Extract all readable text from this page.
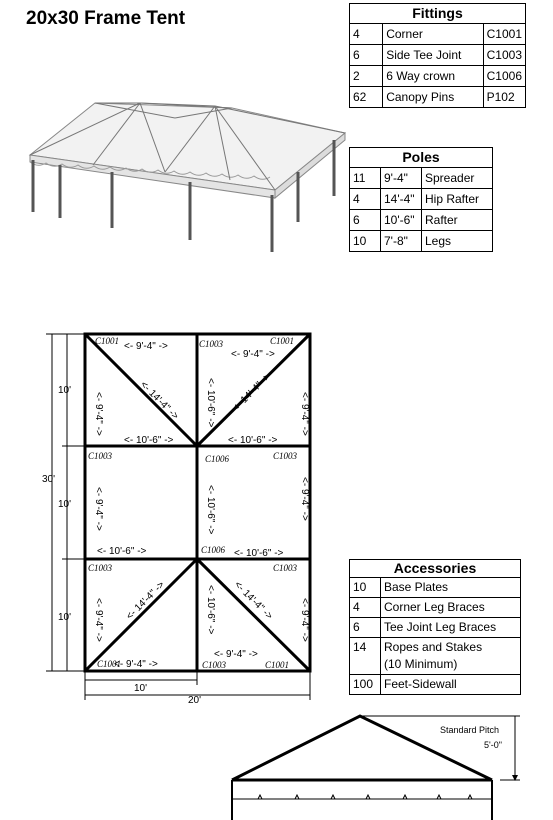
20x30 Frame Tent	Fittings		
4	Corner	C1001
6	Side Tee Joint	C1003
2	6 Way crown	C1006
62	Canopy Pins	P102
Poles		
11	9'-4"	Spreader
4	14'-4"	Hip Rafter
6	10'-6"	Rafter
10	7'-8"	Legs
Accessories	
10	Base Plates
4	Corner Leg Braces
6	Tee Joint Leg Braces
14	Ropes and Stakes
(10 Minimum)

100	Feet-Sidewall
C1001	C1003	C1001
C1003	C1006	C1003
C1006
C1003	C1003
C1001	C1003	C1001
<- 9'-4" ->
<- 9'-4" ->
<- 10'-6" ->	<- 10'-6" ->
<- 10'-6" ->	<- 10'-6" ->
<- 9'-4" ->
<- 9'-4" ->
<- 9'-4" ->	<- 9'-4" ->
<- 9'-4" ->	<- 9'-4" ->
<- 9'-4" ->	<- 9'-4" ->
<- 10'-6" ->
<- 10'-6" ->
<- 10'-6" ->
<- 14'-4" ->	<- 14'-4" ->
<- 14'-4" ->	<- 14'-4" ->
10'
10'
10'
30'
10'
20'
Standard Pitch
5'-0"
